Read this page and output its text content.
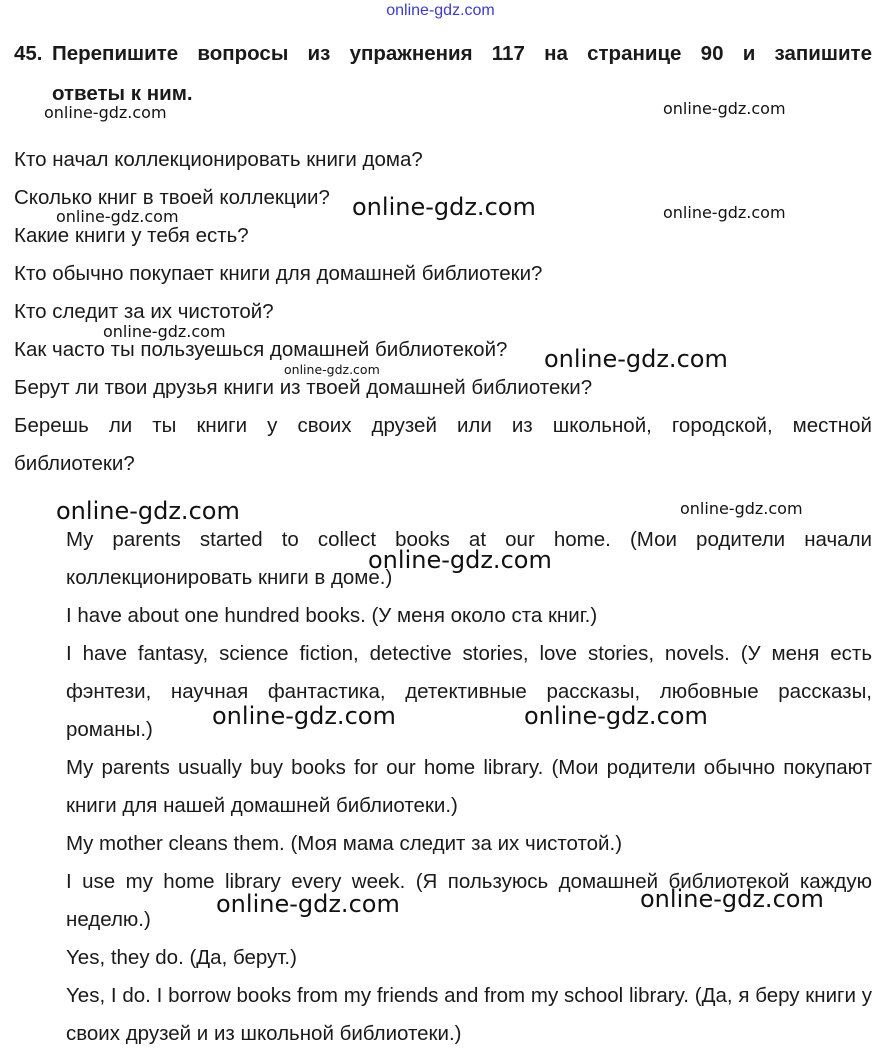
online-gdz.com
45. Перепишите вопросы из упражнения 117 на странице 90 и запишите
ответы к ним.
Кто начал коллекционировать книги дома?
Сколько книг в твоей коллекции?
Какие книги у тебя есть?
Кто обычно покупает книги для домашней библиотеки?
Кто следит за их чистотой?
Как часто ты пользуешься домашней библиотекой?
Берут ли твои друзья книги из твоей домашней библиотеки?
Берешь ли ты книги у своих друзей или из школьной, городской, местной
библиотеки?
My parents started to collect books at our home. (Мои родители начали коллекционировать книги в доме.)
I have about one hundred books. (У меня около ста книг.)
I have fantasy, science fiction, detective stories, love stories, novels. (У меня есть фэнтези, научная фантастика, детективные рассказы, любовные рассказы, романы.)
My parents usually buy books for our home library. (Мои родители обычно покупают книги для нашей домашней библиотеки.)
My mother cleans them. (Моя мама следит за их чистотой.)
I use my home library every week. (Я пользуюсь домашней библиотекой каждую неделю.)
Yes, they do. (Да, берут.)
Yes, I do. I borrow books from my friends and from my school library. (Да, я беру книги у своих друзей и из школьной библиотеки.)
online-gdz.com	online-gdz.com
online-gdz.com	online-gdz.com	online-gdz.com
online-gdz.com
online-gdz.com
online-gdz.com
online-gdz.com	online-gdz.com
online-gdz.com
online-gdz.com	online-gdz.com
online-gdz.com	online-gdz.com
